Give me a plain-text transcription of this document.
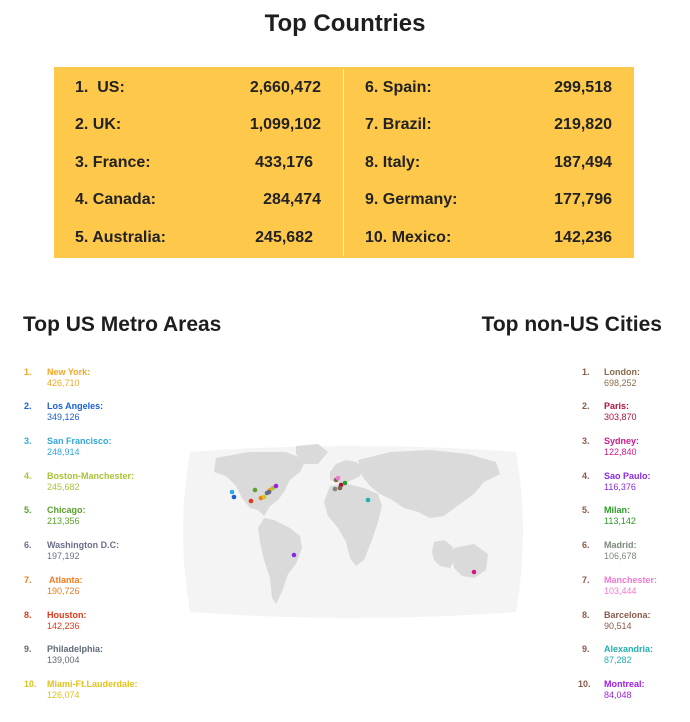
Top Countries
1. US:	2,660,472
2. UK:	1,099,102
3. France:	433,176
4. Canada:	284,474
5. Australia:	245,682
6. Spain:	299,518
7. Brazil:	219,820
8. Italy:	187,494
9. Germany:	177,796
10. Mexico:	142,236
Top US Metro Areas	Top non-US Cities
1. New York:
426,710
2. Los Angeles:
349,126
3. San Francisco:
248,914
4. Boston-Manchester:
245,682
5. Chicago:
213,356
6. Washington D.C:
197,192
7. Atlanta:
190,726
8. Houston:
142,236
9. Philadelphia:
139,004
10. Miami-Ft.Lauderdale:
126,074
1. London:
698,252
2. Paris:
303,870
3. Sydney:
122,840
4. Sao Paulo:
116,376
5. Milan:
113,142
6. Madrid:
106,678
7. Manchester:
103,444
8. Barcelona:
90,514
9. Alexandria:
87,282
10. Montreal:
84,048
